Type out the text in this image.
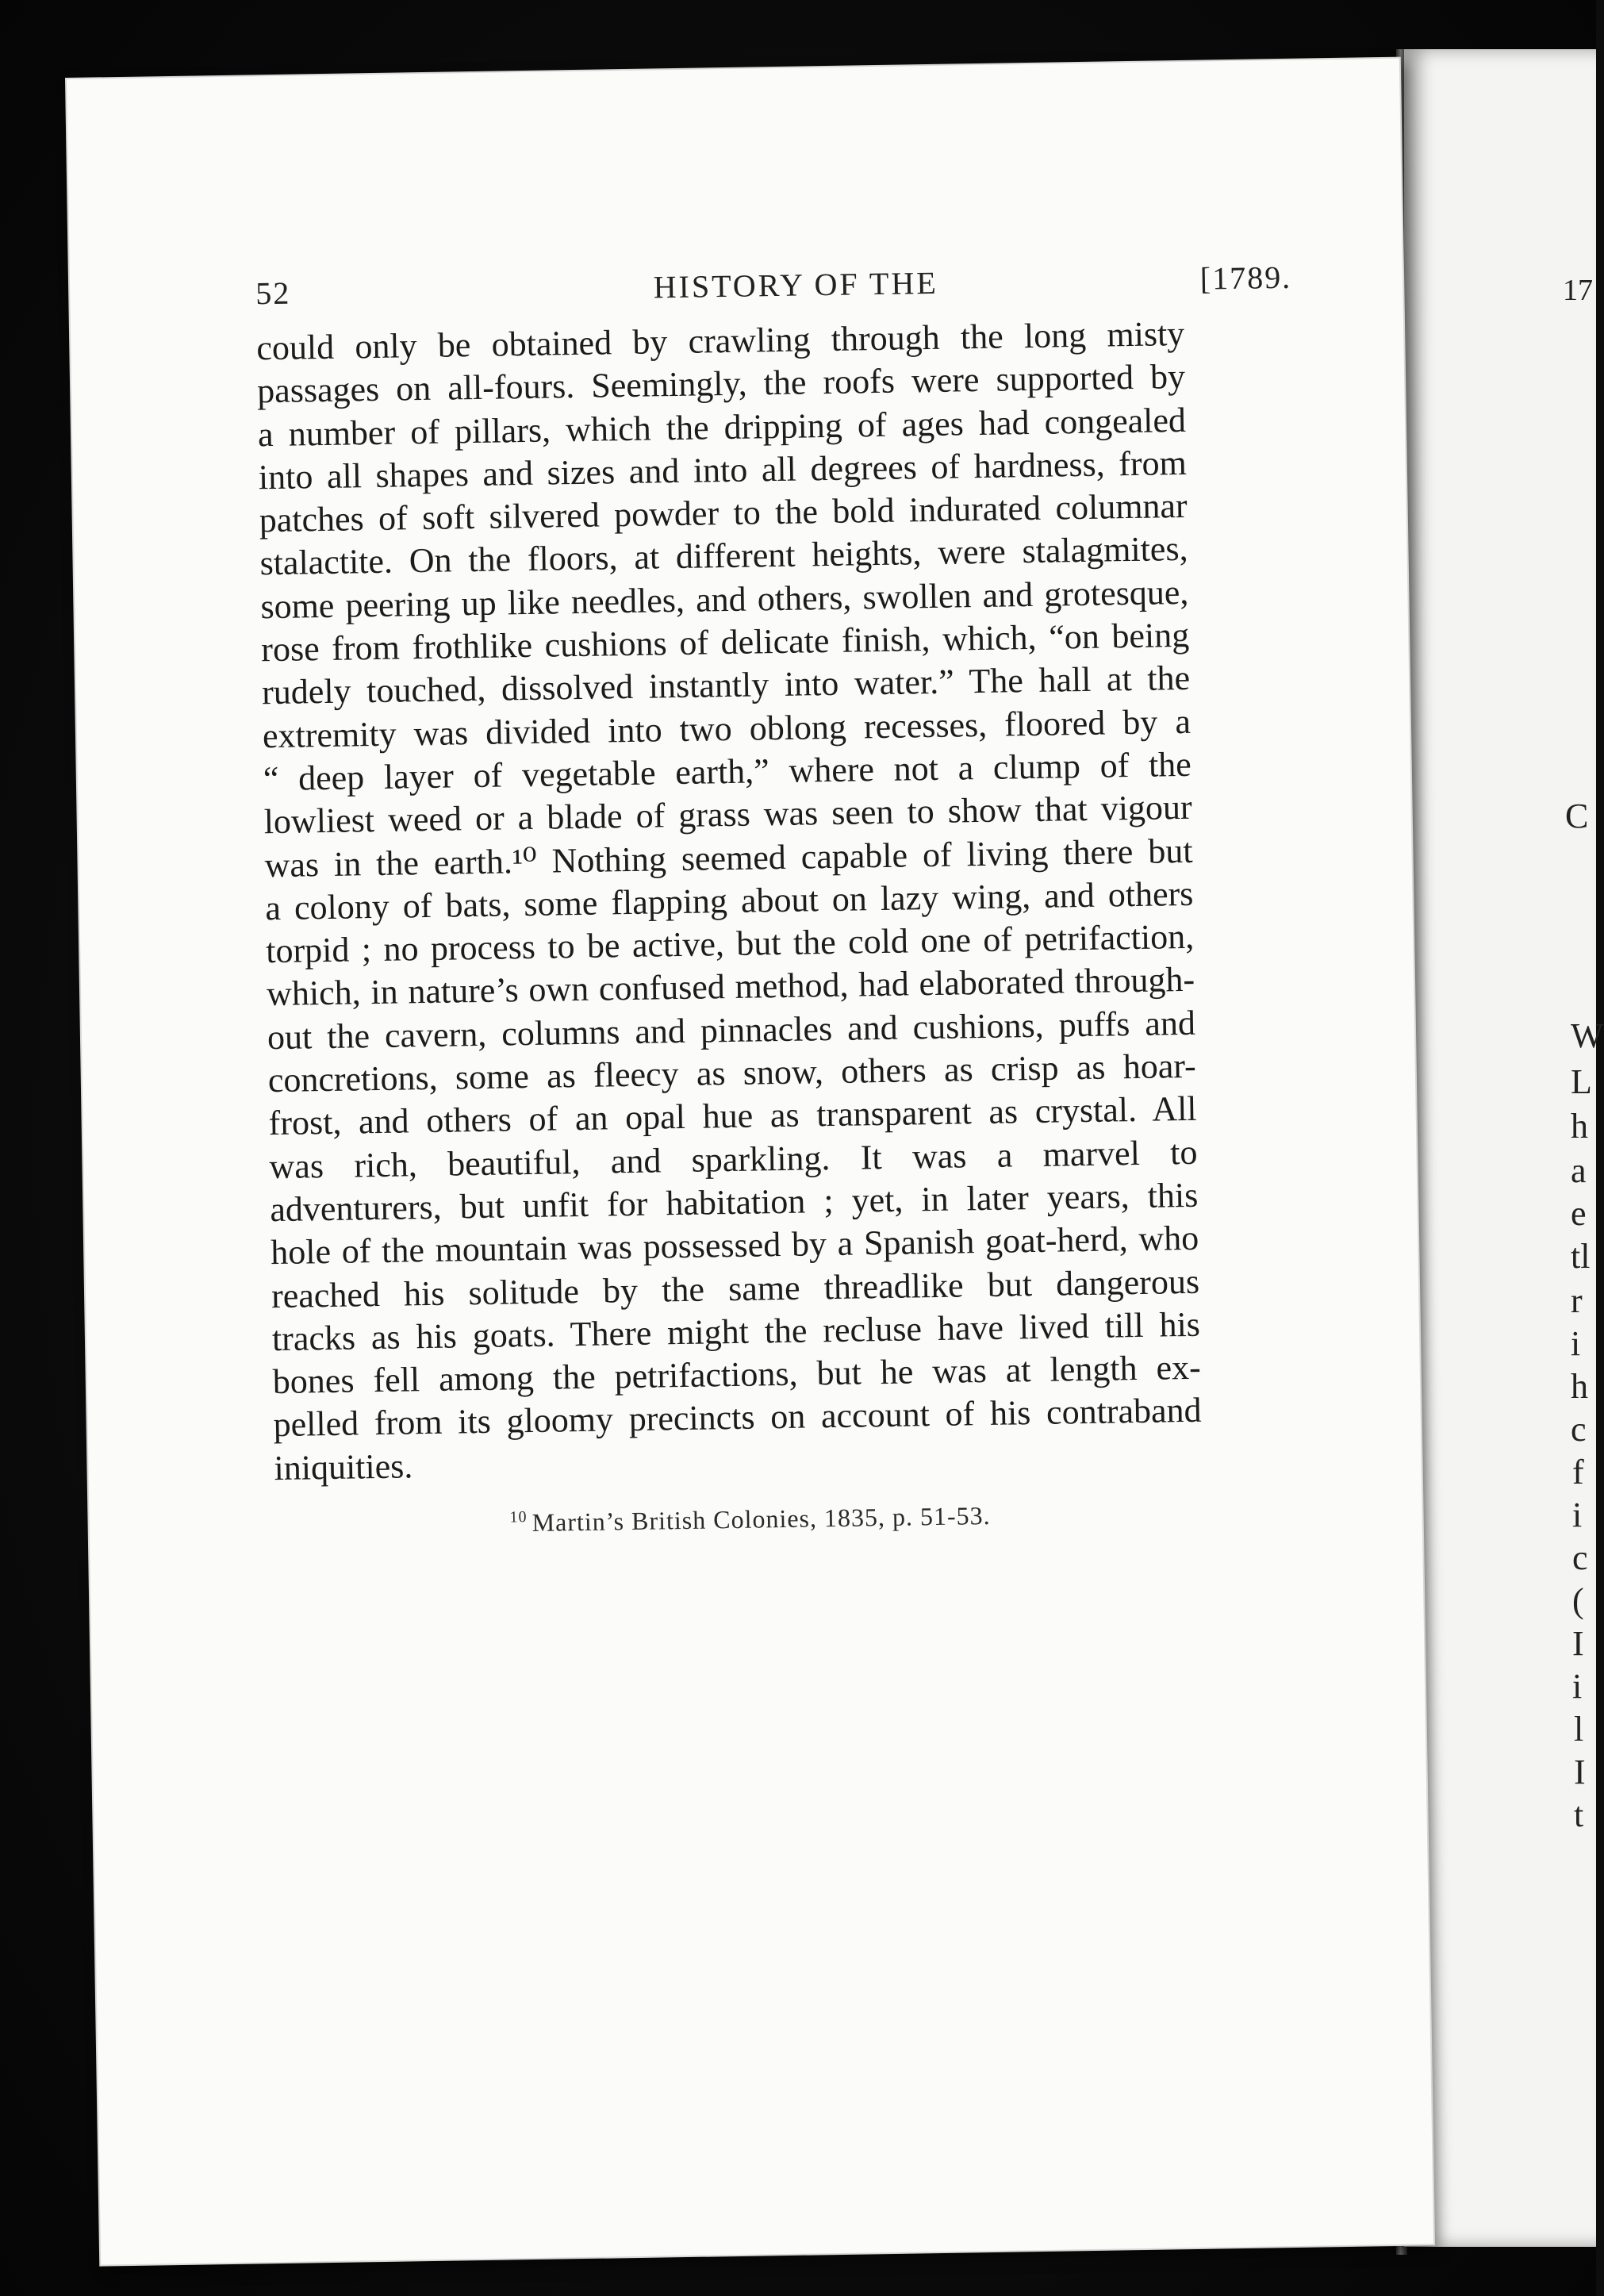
17
C
W
L
h
a
e
tl
r
i
h
c
f
i
c
(
I
i
l
I
t
52	HISTORY OF THE	[1789.
could only be obtained by crawling through the long misty
passages on all-fours. Seemingly, the roofs were supported by
a number of pillars, which the dripping of ages had congealed
into all shapes and sizes and into all degrees of hardness, from
patches of soft silvered powder to the bold indurated columnar
stalactite. On the floors, at different heights, were stalagmites,
some peering up like needles, and others, swollen and grotesque,
rose from frothlike cushions of delicate finish, which, “on being
rudely touched, dissolved instantly into water.” The hall at the
extremity was divided into two oblong recesses, floored by a
“ deep layer of vegetable earth,” where not a clump of the
lowliest weed or a blade of grass was seen to show that vigour
was in the earth.¹⁰ Nothing seemed capable of living there but
a colony of bats, some flapping about on lazy wing, and others
torpid ; no process to be active, but the cold one of petrifaction,
which, in nature’s own confused method, had elaborated through-
out the cavern, columns and pinnacles and cushions, puffs and
concretions, some as fleecy as snow, others as crisp as hoar-
frost, and others of an opal hue as transparent as crystal. All
was rich, beautiful, and sparkling. It was a marvel to
adventurers, but unfit for habitation ; yet, in later years, this
hole of the mountain was possessed by a Spanish goat-herd, who
reached his solitude by the same threadlike but dangerous
tracks as his goats. There might the recluse have lived till his
bones fell among the petrifactions, but he was at length ex-
pelled from its gloomy precincts on account of his contraband
iniquities.
$^{10}$ Martin’s British Colonies, 1835, p. 51-53.
